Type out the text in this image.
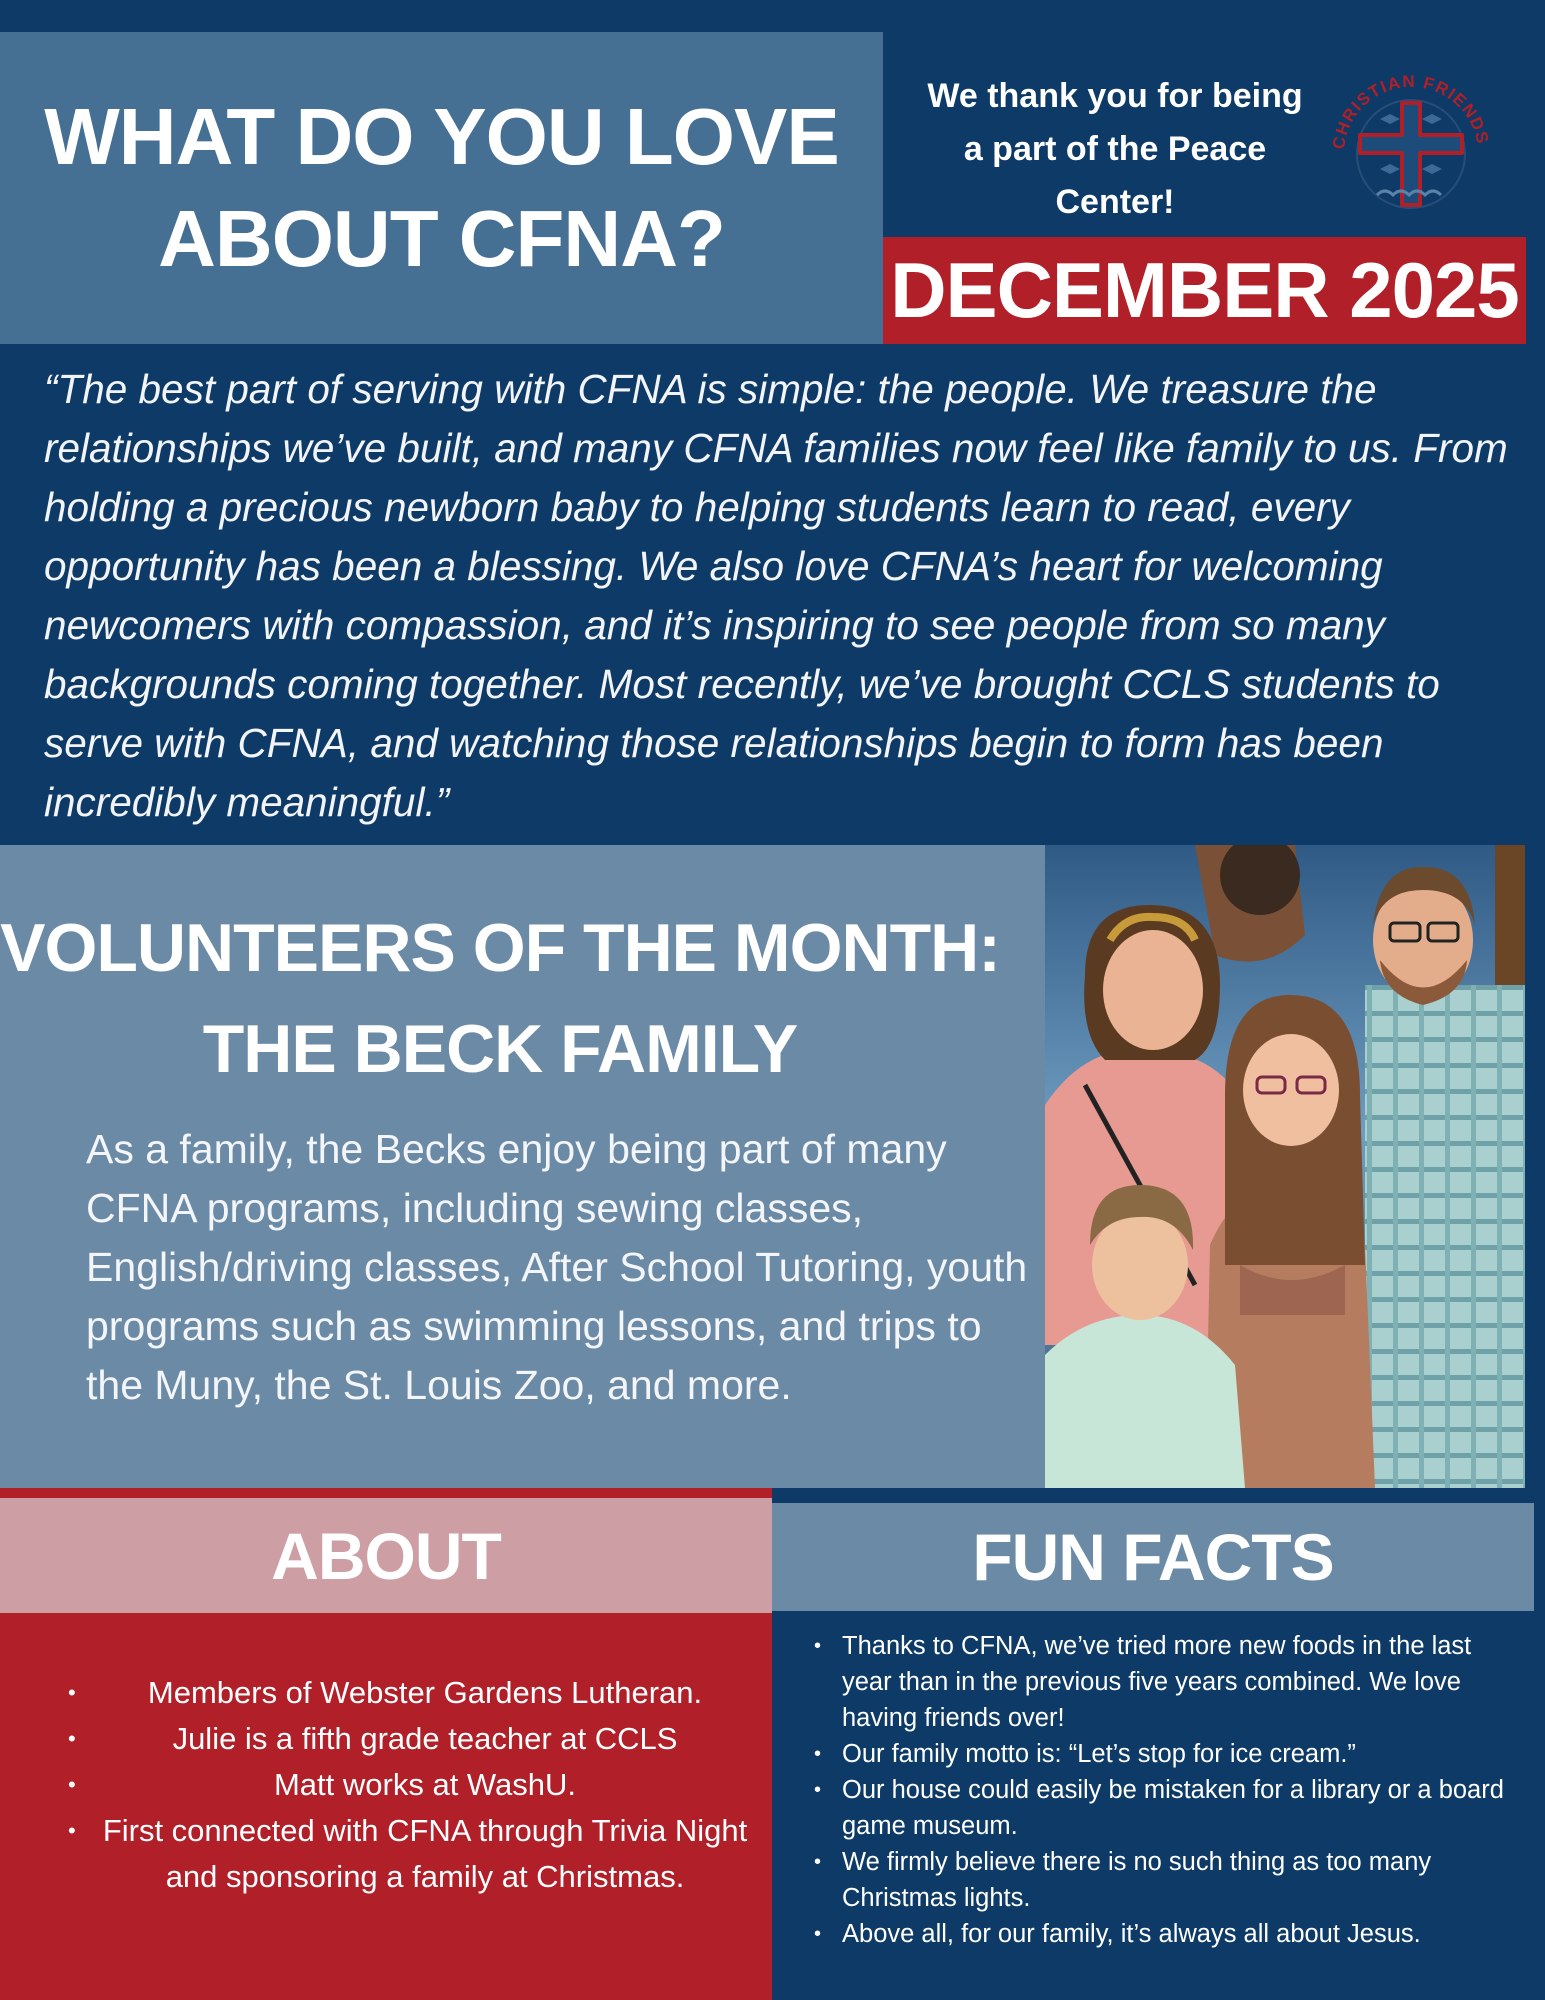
WHAT DO YOU LOVE ABOUT CFNA?
We thank you for being a part of the Peace Center!
CHRISTIAN FRIENDS
DECEMBER 2025

“The best part of serving with CFNA is simple: the people. We treasure the relationships we’ve built, and many CFNA families now feel like family to us. From holding a precious newborn baby to helping students learn to read, every opportunity has been a blessing. We also love CFNA’s heart for welcoming newcomers with compassion, and it’s inspiring to see people from so many backgrounds coming together. Most recently, we’ve brought CCLS students to serve with CFNA, and watching those relationships begin to form has been incredibly meaningful.”

VOLUNTEERS OF THE MONTH: THE BECK FAMILY

As a family, the Becks enjoy being part of many CFNA programs, including sewing classes, English/driving classes, After School Tutoring, youth programs such as swimming lessons, and trips to the Muny, the St. Louis Zoo, and more.

ABOUT
• Members of Webster Gardens Lutheran.
• Julie is a fifth grade teacher at CCLS
• Matt works at WashU.
• First connected with CFNA through Trivia Night and sponsoring a family at Christmas.
FUN FACTS
• Thanks to CFNA, we’ve tried more new foods in the last year than in the previous five years combined. We love having friends over!
• Our family motto is: “Let’s stop for ice cream.”
• Our house could easily be mistaken for a library or a board game museum.
• We firmly believe there is no such thing as too many Christmas lights.
• Above all, for our family, it’s always all about Jesus.
